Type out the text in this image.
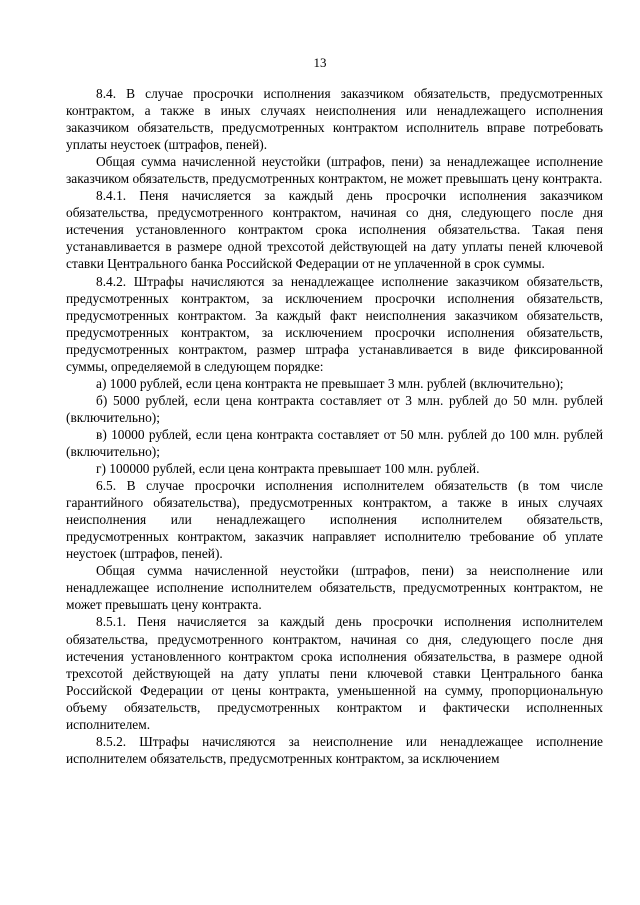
13

8.4. В случае просрочки исполнения заказчиком обязательств, предусмотренных контрактом, а также в иных случаях неисполнения или ненадлежащего исполнения заказчиком обязательств, предусмотренных контрактом исполнитель вправе потребовать уплаты неустоек (штрафов, пеней).

Общая сумма начисленной неустойки (штрафов, пени) за ненадлежащее исполнение заказчиком обязательств, предусмотренных контрактом, не может превышать цену контракта.

8.4.1. Пеня начисляется за каждый день просрочки исполнения заказчиком обязательства, предусмотренного контрактом, начиная со дня, следующего после дня истечения установленного контрактом срока исполнения обязательства. Такая пеня устанавливается в размере одной трехсотой действующей на дату уплаты пеней ключевой ставки Центрального банка Российской Федерации от не уплаченной в срок суммы.

8.4.2. Штрафы начисляются за ненадлежащее исполнение заказчиком обязательств, предусмотренных контрактом, за исключением просрочки исполнения обязательств, предусмотренных контрактом. За каждый факт неисполнения заказчиком обязательств, предусмотренных контрактом, за исключением просрочки исполнения обязательств, предусмотренных контрактом, размер штрафа устанавливается в виде фиксированной суммы, определяемой в следующем порядке:

а) 1000 рублей, если цена контракта не превышает 3 млн. рублей (включительно);

б) 5000 рублей, если цена контракта составляет от 3 млн. рублей до 50 млн. рублей (включительно);

в) 10000 рублей, если цена контракта составляет от 50 млн. рублей до 100 млн. рублей (включительно);

г) 100000 рублей, если цена контракта превышает 100 млн. рублей.

6.5. В случае просрочки исполнения исполнителем обязательств (в том числе гарантийного обязательства), предусмотренных контрактом, а также в иных случаях неисполнения или ненадлежащего исполнения исполнителем обязательств, предусмотренных контрактом, заказчик направляет исполнителю требование об уплате неустоек (штрафов, пеней).

Общая сумма начисленной неустойки (штрафов, пени) за неисполнение или ненадлежащее исполнение исполнителем обязательств, предусмотренных контрактом, не может превышать цену контракта.

8.5.1. Пеня начисляется за каждый день просрочки исполнения исполнителем обязательства, предусмотренного контрактом, начиная со дня, следующего после дня истечения установленного контрактом срока исполнения обязательства, в размере одной трехсотой действующей на дату уплаты пени ключевой ставки Центрального банка Российской Федерации от цены контракта, уменьшенной на сумму, пропорциональную объему обязательств, предусмотренных контрактом и фактически исполненных исполнителем.

8.5.2. Штрафы начисляются за неисполнение или ненадлежащее исполнение исполнителем обязательств, предусмотренных контрактом, за исключением
